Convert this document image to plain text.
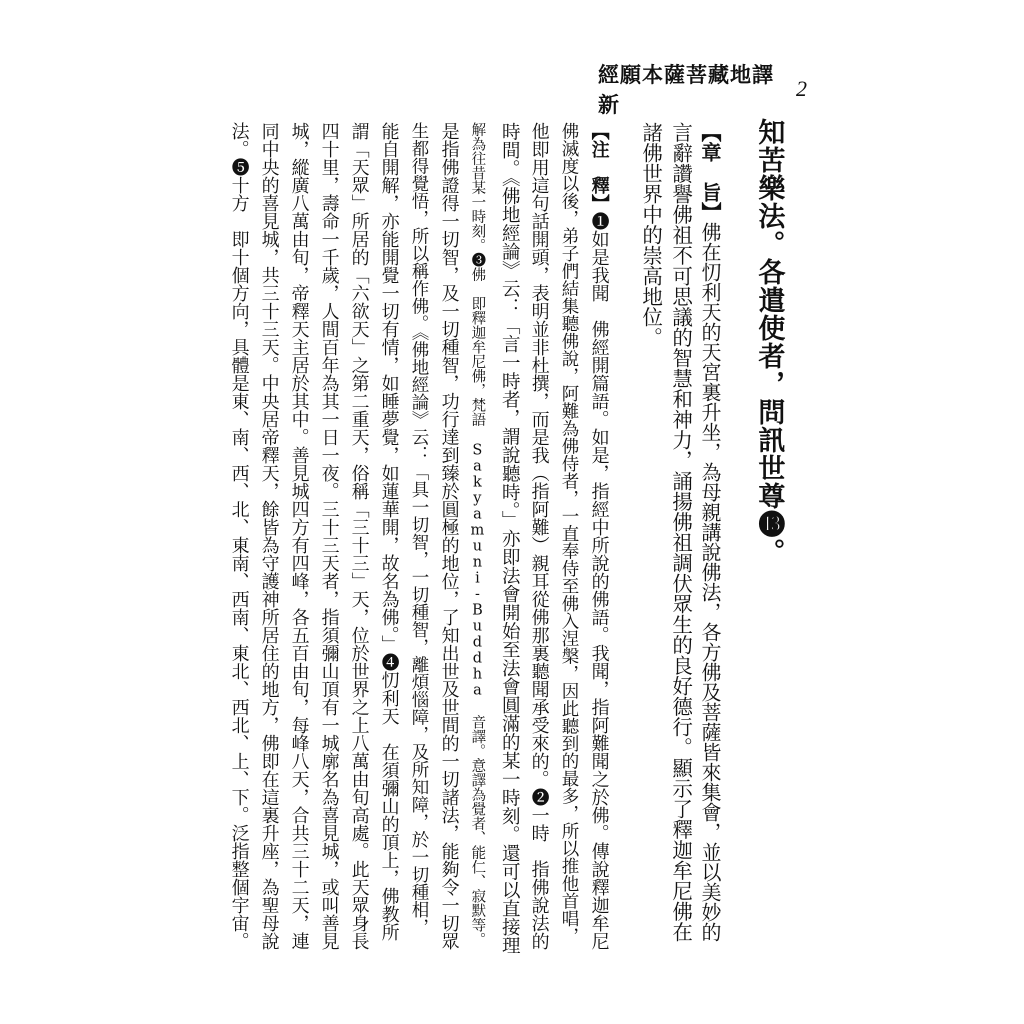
經願本薩菩藏地譯新
2
知苦樂法。各遣使者，問訊世尊⓭。
【章　旨】佛在忉利天的天宮裏升坐，為母親講說佛法，各方佛及菩薩皆來集會，並以美妙的
言辭讚譽佛祖不可思議的智慧和神力，誦揚佛祖調伏眾生的良好德行。顯示了釋迦牟尼佛在
諸佛世界中的崇高地位。
【注　釋】❶如是我聞　佛經開篇語。如是，指經中所說的佛語。我聞，指阿難聞之於佛。傳說釋迦牟尼
佛滅度以後，弟子們結集聽佛說，阿難為佛侍者，一直奉侍至佛入涅槃，因此聽到的最多，所以推他首唱，
他即用這句話開頭，表明並非杜撰，而是我（指阿難）親耳從佛那裏聽聞承受來的。❷一時　指佛說法的
時間。《佛地經論》云：「言一時者，謂說聽時。」亦即法會開始至法會圓滿的某一時刻。還可以直接理
解為往昔某一時刻。❸佛　即釋迦牟尼佛，梵語 Sakyamuni-Buddha 音譯。意譯為覺者、能仁、寂默等。
是指佛證得一切智，及一切種智，功行達到臻於圓極的地位，了知出世及世間的一切諸法，能夠令一切眾
生都得覺悟，所以稱作佛。《佛地經論》云：「具一切智，一切種智，離煩惱障，及所知障，於一切種相，
能自開解，亦能開覺一切有情，如睡夢覺，如蓮華開，故名為佛。」❹忉利天　在須彌山的頂上，佛教所
謂「天眾」所居的「六欲天」之第二重天，俗稱「三十三」天，位於世界之上八萬由旬高處。此天眾身長
四十里，壽命一千歲，人間百年為其一日一夜。三十三天者，指須彌山頂有一城廓名為喜見城，或叫善見
城，縱廣八萬由旬，帝釋天主居於其中。善見城四方有四峰，各五百由旬，每峰八天，合共三十二天，連
同中央的喜見城，共三十三天。中央居帝釋天，餘皆為守護神所居住的地方，佛即在這裏升座，為聖母說
法。❺十方　即十個方向，具體是東、南、西、北、東南、西南、東北、西北、上、下。泛指整個宇宙。
